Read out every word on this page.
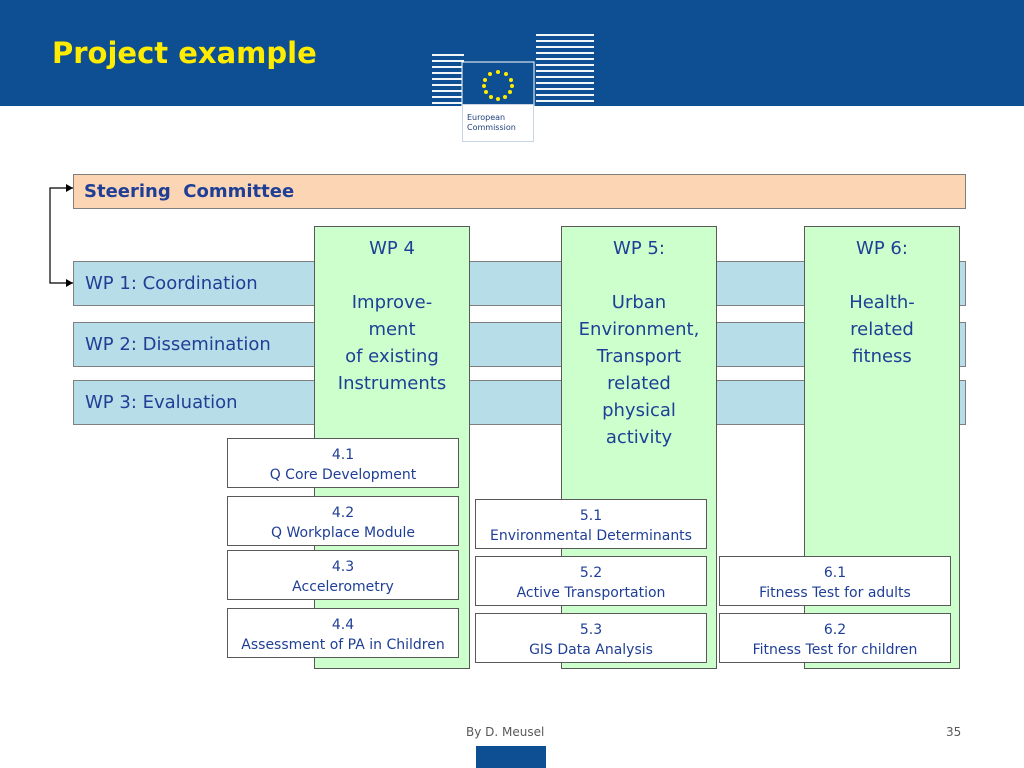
Project example
European
Commission
Steering  Committee
WP 1: Coordination
WP 2: Dissemination
WP 3: Evaluation
WP 4
Improve-
ment
of existing
Instruments
WP 5:
Urban
Environment,
Transport
related
physical
activity
WP 6:
Health-
related
fitness
4.1
Q Core Development
4.2
Q Workplace Module
4.3
Accelerometry
4.4
Assessment of PA in Children
5.1
Environmental Determinants
5.2
Active Transportation
5.3
GIS Data Analysis
6.1
Fitness Test for adults
6.2
Fitness Test for children
By D. Meusel	35
